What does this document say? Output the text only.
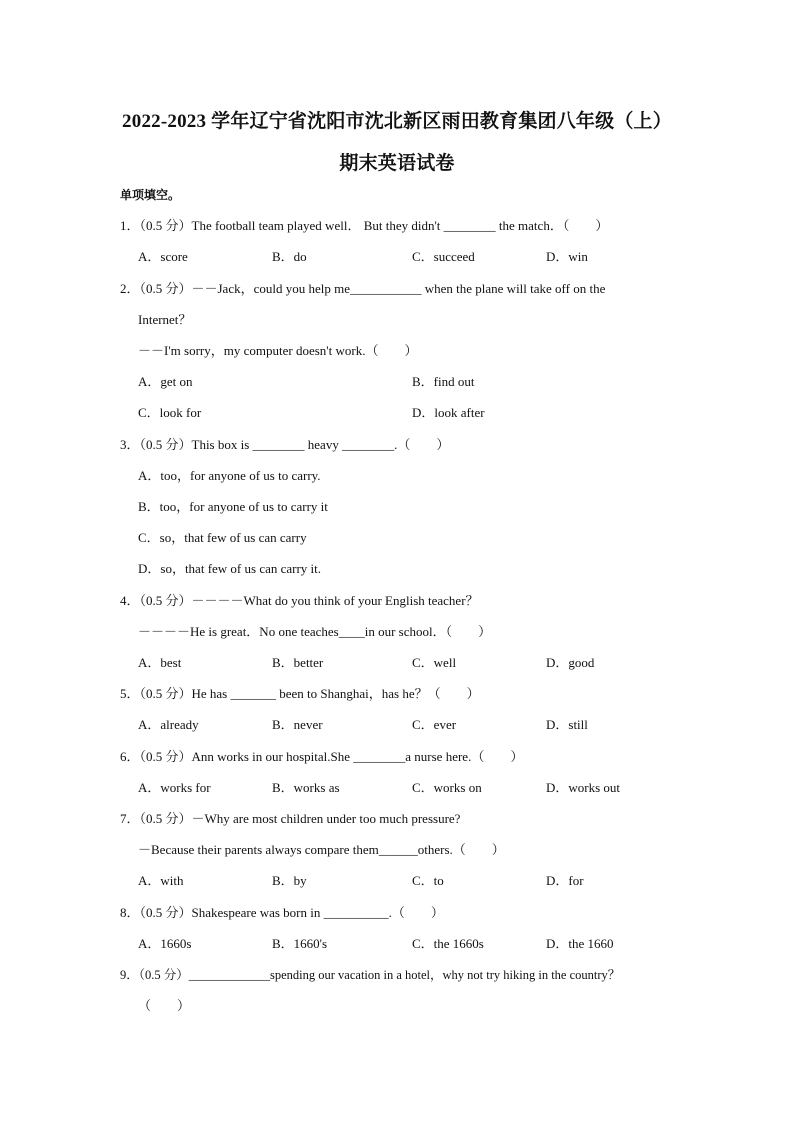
2022-2023 学年辽宁省沈阳市沈北新区雨田教育集团八年级（上）
期末英语试卷
单项填空。
1．（0.5 分）The football team played well． But they didn't ________ the match．（　　）
A．score	B．do	C．succeed	D．win
2．（0.5 分）－－Jack，could you help me___________ when the plane will take off on the
Internet？
－－I'm sorry，my computer doesn't work.（　　）
A．get on	B．find out
C．look for	D．look after
3．（0.5 分）This box is ________ heavy ________.（　　）
A．too，for anyone of us to carry.
B．too，for anyone of us to carry it
C．so，that few of us can carry
D．so，that few of us can carry it.
4．（0.5 分）－－－－What do you think of your English teacher？
－－－－He is great．No one teaches____in our school．（　　）
A．best	B．better	C．well	D．good
5．（0.5 分）He has _______ been to Shanghai，has he？（　　）
A．already	B．never	C．ever	D．still
6．（0.5 分）Ann works in our hospital.She ________a nurse here.（　　）
A．works for	B．works as	C．works on	D．works out
7．（0.5 分）－Why are most children under too much pressure?
－Because their parents always compare them______others.（　　）
A．with	B．by	C．to	D．for
8．（0.5 分）Shakespeare was born in __________.（　　）
A．1660s	B．1660's	C．the 1660s	D．the 1660
9．（0.5 分）_____________spending our vacation in a hotel，why not try hiking in the country？
（　　）
